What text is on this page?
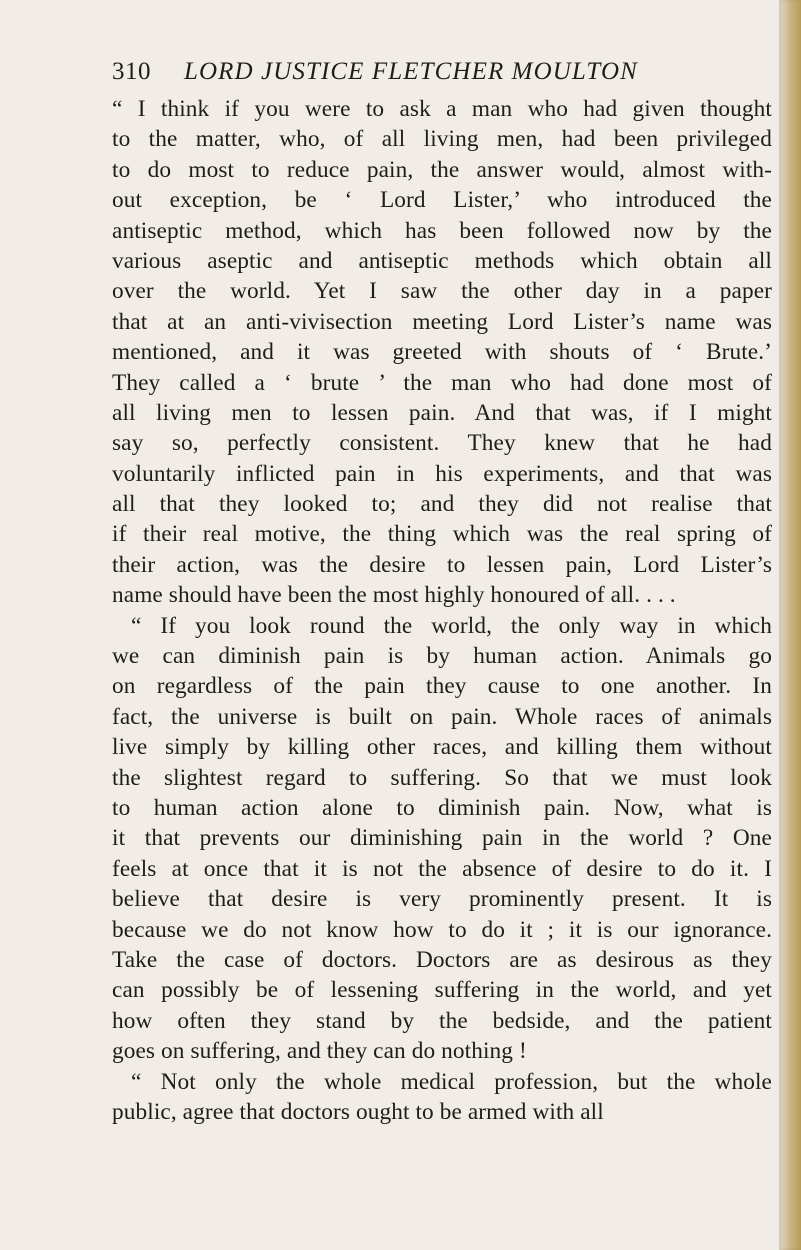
310 LORD JUSTICE FLETCHER MOULTON
“ I think if you were to ask a man who had given thought
to the matter, who, of all living men, had been privileged
to do most to reduce pain, the answer would, almost with-
out exception, be ‘ Lord Lister,’ who introduced the
antiseptic method, which has been followed now by the
various aseptic and antiseptic methods which obtain all
over the world. Yet I saw the other day in a paper
that at an anti-vivisection meeting Lord Lister’s name was
mentioned, and it was greeted with shouts of ‘ Brute.’
They called a ‘ brute ’ the man who had done most of
all living men to lessen pain. And that was, if I might
say so, perfectly consistent. They knew that he had
voluntarily inflicted pain in his experiments, and that was
all that they looked to; and they did not realise that
if their real motive, the thing which was the real spring of
their action, was the desire to lessen pain, Lord Lister’s
name should have been the most highly honoured of all. . . .
“ If you look round the world, the only way in which
we can diminish pain is by human action. Animals go
on regardless of the pain they cause to one another. In
fact, the universe is built on pain. Whole races of animals
live simply by killing other races, and killing them without
the slightest regard to suffering. So that we must look
to human action alone to diminish pain. Now, what is
it that prevents our diminishing pain in the world ? One
feels at once that it is not the absence of desire to do it. I
believe that desire is very prominently present. It is
because we do not know how to do it ; it is our ignorance.
Take the case of doctors. Doctors are as desirous as they
can possibly be of lessening suffering in the world, and yet
how often they stand by the bedside, and the patient
goes on suffering, and they can do nothing !
“ Not only the whole medical profession, but the whole
public, agree that doctors ought to be armed with all
